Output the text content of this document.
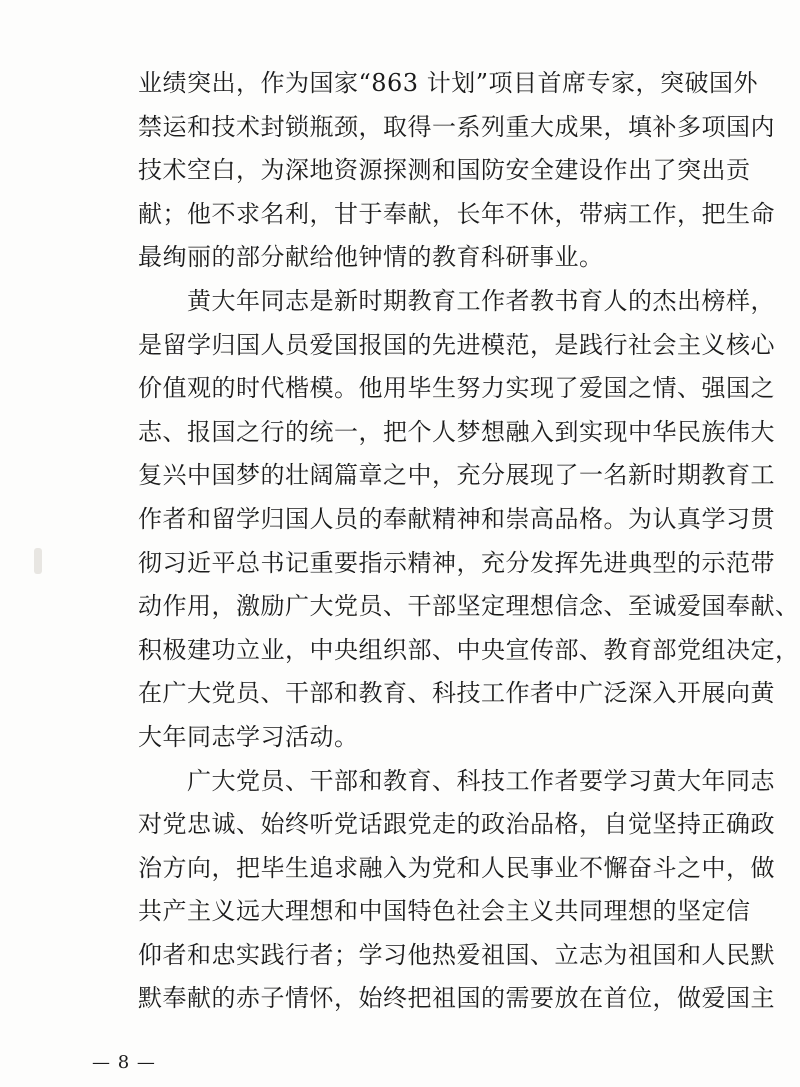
业绩突出，作为国家“863 计划”项目首席专家，突破国外
禁运和技术封锁瓶颈，取得一系列重大成果，填补多项国内
技术空白，为深地资源探测和国防安全建设作出了突出贡
献；他不求名利，甘于奉献，长年不休，带病工作，把生命
最绚丽的部分献给他钟情的教育科研事业。
　　黄大年同志是新时期教育工作者教书育人的杰出榜样，
是留学归国人员爱国报国的先进模范，是践行社会主义核心
价值观的时代楷模。他用毕生努力实现了爱国之情、强国之
志、报国之行的统一，把个人梦想融入到实现中华民族伟大
复兴中国梦的壮阔篇章之中，充分展现了一名新时期教育工
作者和留学归国人员的奉献精神和崇高品格。为认真学习贯
彻习近平总书记重要指示精神，充分发挥先进典型的示范带
动作用，激励广大党员、干部坚定理想信念、至诚爱国奉献、
积极建功立业，中央组织部、中央宣传部、教育部党组决定，
在广大党员、干部和教育、科技工作者中广泛深入开展向黄
大年同志学习活动。
　　广大党员、干部和教育、科技工作者要学习黄大年同志
对党忠诚、始终听党话跟党走的政治品格，自觉坚持正确政
治方向，把毕生追求融入为党和人民事业不懈奋斗之中，做
共产主义远大理想和中国特色社会主义共同理想的坚定信
仰者和忠实践行者；学习他热爱祖国、立志为祖国和人民默
默奉献的赤子情怀，始终把祖国的需要放在首位，做爱国主
— 8 —
